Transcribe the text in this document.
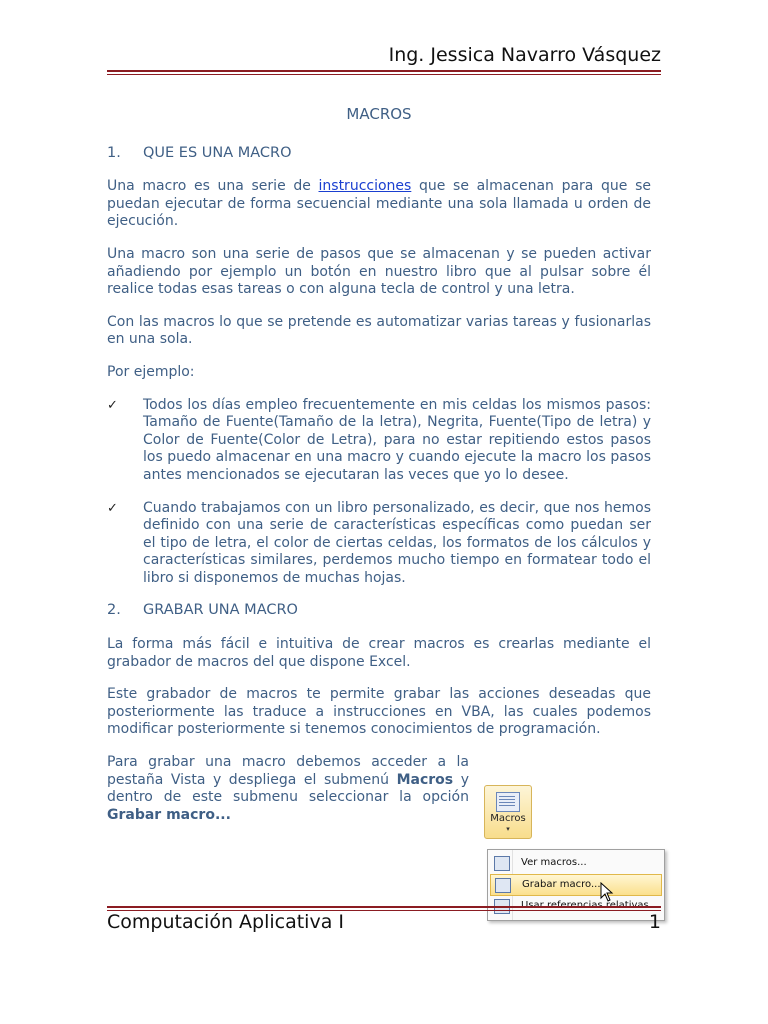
Ing. Jessica Navarro Vásquez
MACROS
1. QUE ES UNA MACRO

Una macro es una serie de instrucciones que se almacenan para que se puedan ejecutar de forma secuencial mediante una sola llamada u orden de ejecución.

Una macro son una serie de pasos que se almacenan y se pueden activar añadiendo por ejemplo un botón en nuestro libro que al pulsar sobre él realice todas esas tareas o con alguna tecla de control y una letra.

Con las macros lo que se pretende es automatizar varias tareas y fusionarlas en una sola.

Por ejemplo:

✓ Todos los días empleo frecuentemente en mis celdas los mismos pasos: Tamaño de Fuente(Tamaño de la letra), Negrita, Fuente(Tipo de letra) y Color de Fuente(Color de Letra), para no estar repitiendo estos pasos los puedo almacenar en una macro y cuando ejecute la macro los pasos antes mencionados se ejecutaran las veces que yo lo desee.
✓ Cuando trabajamos con un libro personalizado, es decir, que nos hemos definido con una serie de características específicas como puedan ser el tipo de letra, el color de ciertas celdas, los formatos de los cálculos y características similares, perdemos mucho tiempo en formatear todo el libro si disponemos de muchas hojas.
2. GRABAR UNA MACRO

La forma más fácil e intuitiva de crear macros es crearlas mediante el grabador de macros del que dispone Excel.

Este grabador de macros te permite grabar las acciones deseadas que posteriormente las traduce a instrucciones en VBA, las cuales podemos modificar posteriormente si tenemos conocimientos de programación.

Para grabar una macro debemos acceder a la pestaña Vista y despliega el submenú Macros y dentro de este submenu seleccionar la opción Grabar macro...	Macros
▾
Ver macros...
Grabar macro...
Computación Aplicativa I	1
